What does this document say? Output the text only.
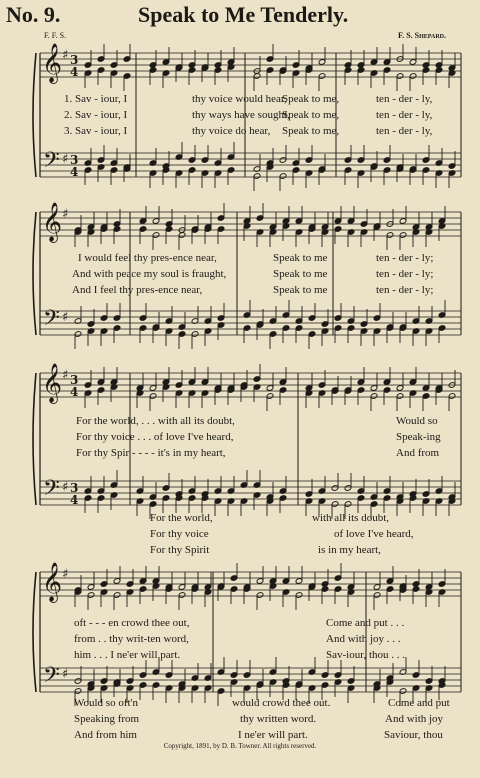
No. 9.	Speak to Me Tenderly.
F. F. S.	F. S. Shepard.
𝄞
𝄢
♯
♯
3
4
3
4
𝄞
𝄢
♯
♯
𝄞
𝄢
♯
♯
3
4
3
4
𝄞
𝄢
♯
♯
1. Sav - iour, I	thy voice would hear,
Speak to me,	ten - der - ly,
2. Sav - iour, I	thy ways have sought,
Speak to me,	ten - der - ly,
3. Sav - iour, I	thy voice do hear, Speak to me,	ten - der - ly,
I would feel thy pres-ence near,	Speak to me	ten - der - ly;
And with peace my soul is fraught,	Speak to me	ten - der - ly;
And I feel thy pres-ence near,	Speak to me	ten - der - ly;
For the world, . . . with all its doubt,	Would so
For thy voice . . . of love I've heard,	Speak-ing
For thy Spir - - - - it's in my heart,	And from
For the world,	with all its doubt,
For thy voice	of love I've heard,
For thy Spirit	is in my heart,
oft - - - en crowd thee out,	Come and put . . .
from . . thy writ-ten word,	And with joy . . .
him . . . I ne'er will part.	Sav-iour, thou . . .
Would so oft'n	would crowd thee out.	Come and put
Speaking from	thy written word.	And with joy
And from him	I ne'er will part.	Saviour, thou
Copyright, 1891, by D. B. Towner. All rights reserved.
